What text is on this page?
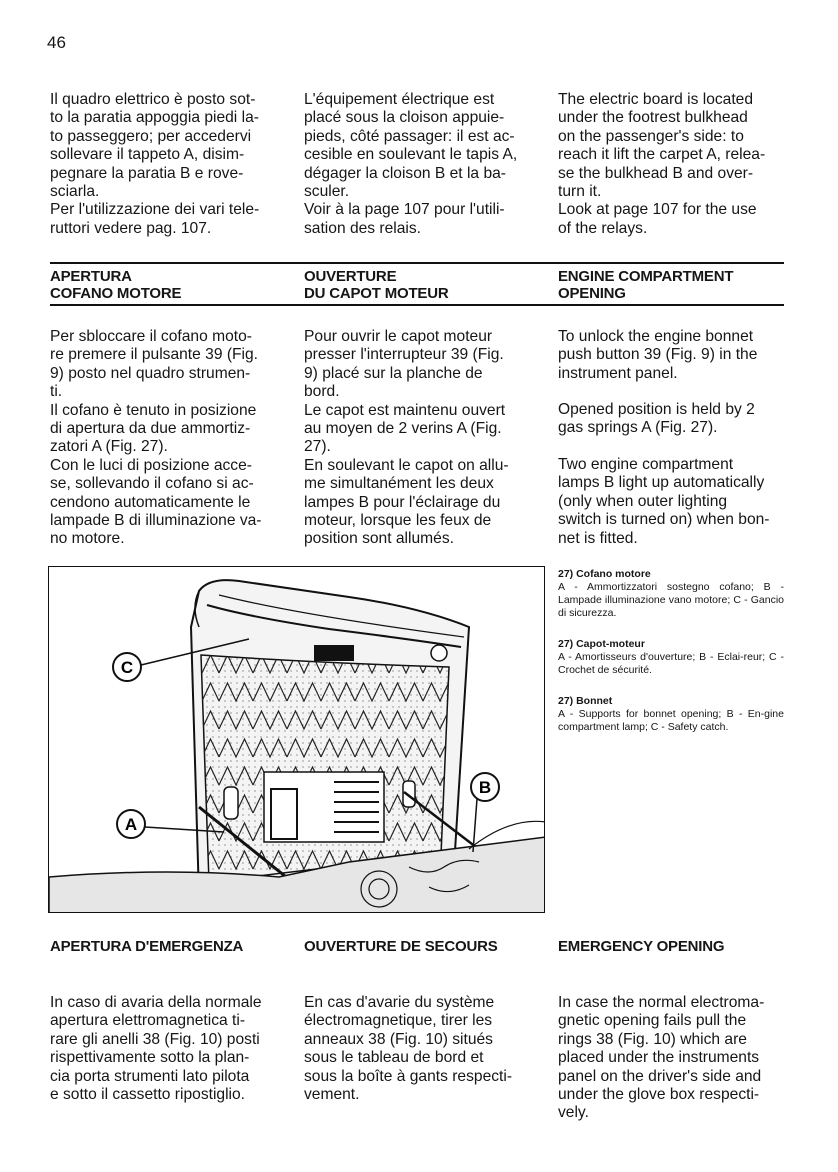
46
Il quadro elettrico è posto sot-
to la paratia appoggia piedi la-
to passeggero; per accedervi
sollevare il tappeto A, disim-
pegnare la paratia B e rove-
sciarla.
Per l'utilizzazione dei vari tele-
ruttori vedere pag. 107.
L'équipement électrique est
placé sous la cloison appuie-
pieds, côté passager: il est ac-
cesible en soulevant le tapis A,
dégager la cloison B et la ba-
sculer.
Voir à la page 107 pour l'utili-
sation des relais.
The electric board is located
under the footrest bulkhead
on the passenger's side: to
reach it lift the carpet A, relea-
se the bulkhead B and over-
turn it.
Look at page 107 for the use
of the relays.
APERTURA
COFANO MOTORE
OUVERTURE
DU CAPOT MOTEUR
ENGINE COMPARTMENT
OPENING
Per sbloccare il cofano moto-
re premere il pulsante 39 (Fig.
9) posto nel quadro strumen-
ti.
Il cofano è tenuto in posizione
di apertura da due ammortiz-
zatori A (Fig. 27).
Con le luci di posizione acce-
se, sollevando il cofano si ac-
cendono automaticamente le
lampade B di illuminazione va-
no motore.
Pour ouvrir le capot moteur
presser l'interrupteur 39 (Fig.
9) placé sur la planche de
bord.
Le capot est maintenu ouvert
au moyen de 2 verins A (Fig.
27).
En soulevant le capot on allu-
me simultanément les deux
lampes B pour l'éclairage du
moteur, lorsque les feux de
position sont allumés.
To unlock the engine bonnet
push button 39 (Fig. 9) in the
instrument panel.
Opened position is held by 2
gas springs A (Fig. 27).
Two engine compartment
lamps B light up automatically
(only when outer lighting
switch is turned on) when bon-
net is fitted.
C
A
B
27) Cofano motore
A - Ammortizzatori sostegno cofano; B - Lampade illuminazione vano motore; C - Gancio di sicurezza.
27) Capot-moteur
A - Amortisseurs d'ouverture; B - Eclai-reur; C - Crochet de sécurité.
27) Bonnet
A - Supports for bonnet opening; B - En-gine compartment lamp; C - Safety catch.
APERTURA D'EMERGENZA	OUVERTURE DE SECOURS	EMERGENCY OPENING
In caso di avaria della normale
apertura elettromagnetica ti-
rare gli anelli 38 (Fig. 10) posti
rispettivamente sotto la plan-
cia porta strumenti lato pilota
e sotto il cassetto ripostiglio.
En cas d'avarie du système
électromagnetique, tirer les
anneaux 38 (Fig. 10) situés
sous le tableau de bord et
sous la boîte à gants respecti-
vement.
In case the normal electroma-
gnetic opening fails pull the
rings 38 (Fig. 10) which are
placed under the instruments
panel on the driver's side and
under the glove box respecti-
vely.
